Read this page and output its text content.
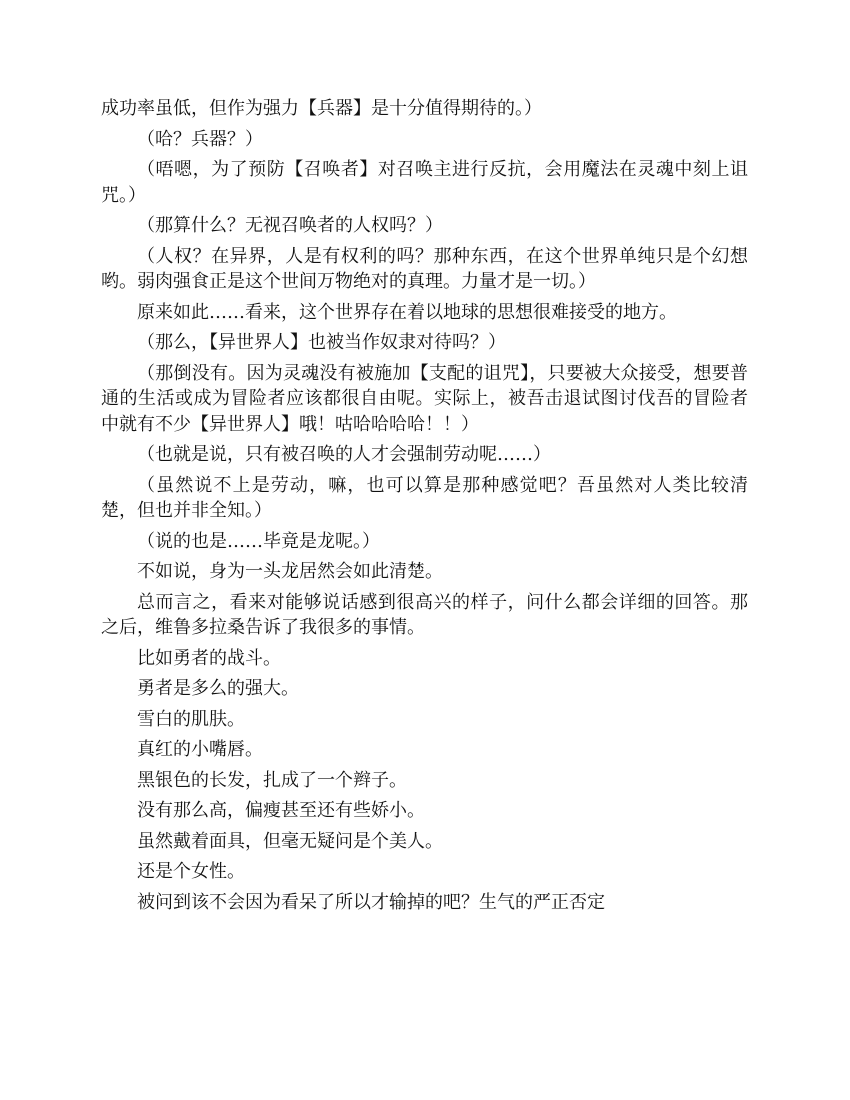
成功率虽低，但作为强力【兵器】是十分值得期待的。）

（哈？兵器？）

（唔嗯，为了预防【召唤者】对召唤主进行反抗，会用魔法在灵魂中刻上诅咒。）

（那算什么？无视召唤者的人权吗？）

（人权？在异界，人是有权利的吗？那种东西，在这个世界单纯只是个幻想哟。弱肉强食正是这个世间万物绝对的真理。力量才是一切。）

原来如此……看来，这个世界存在着以地球的思想很难接受的地方。

（那么，【异世界人】也被当作奴隶对待吗？）

（那倒没有。因为灵魂没有被施加【支配的诅咒】，只要被大众接受，想要普通的生活或成为冒险者应该都很自由呢。实际上，被吾击退试图讨伐吾的冒险者中就有不少【异世界人】哦！咕哈哈哈哈！！）

（也就是说，只有被召唤的人才会强制劳动呢……）

（虽然说不上是劳动，嘛，也可以算是那种感觉吧？吾虽然对人类比较清楚，但也并非全知。）

（说的也是……毕竟是龙呢。）

不如说，身为一头龙居然会如此清楚。

总而言之，看来对能够说话感到很高兴的样子，问什么都会详细的回答。那之后，维鲁多拉桑告诉了我很多的事情。

比如勇者的战斗。

勇者是多么的强大。

雪白的肌肤。

真红的小嘴唇。

黑银色的长发，扎成了一个辫子。

没有那么高，偏瘦甚至还有些娇小。

虽然戴着面具，但毫无疑问是个美人。

还是个女性。

被问到该不会因为看呆了所以才输掉的吧？生气的严正否定
